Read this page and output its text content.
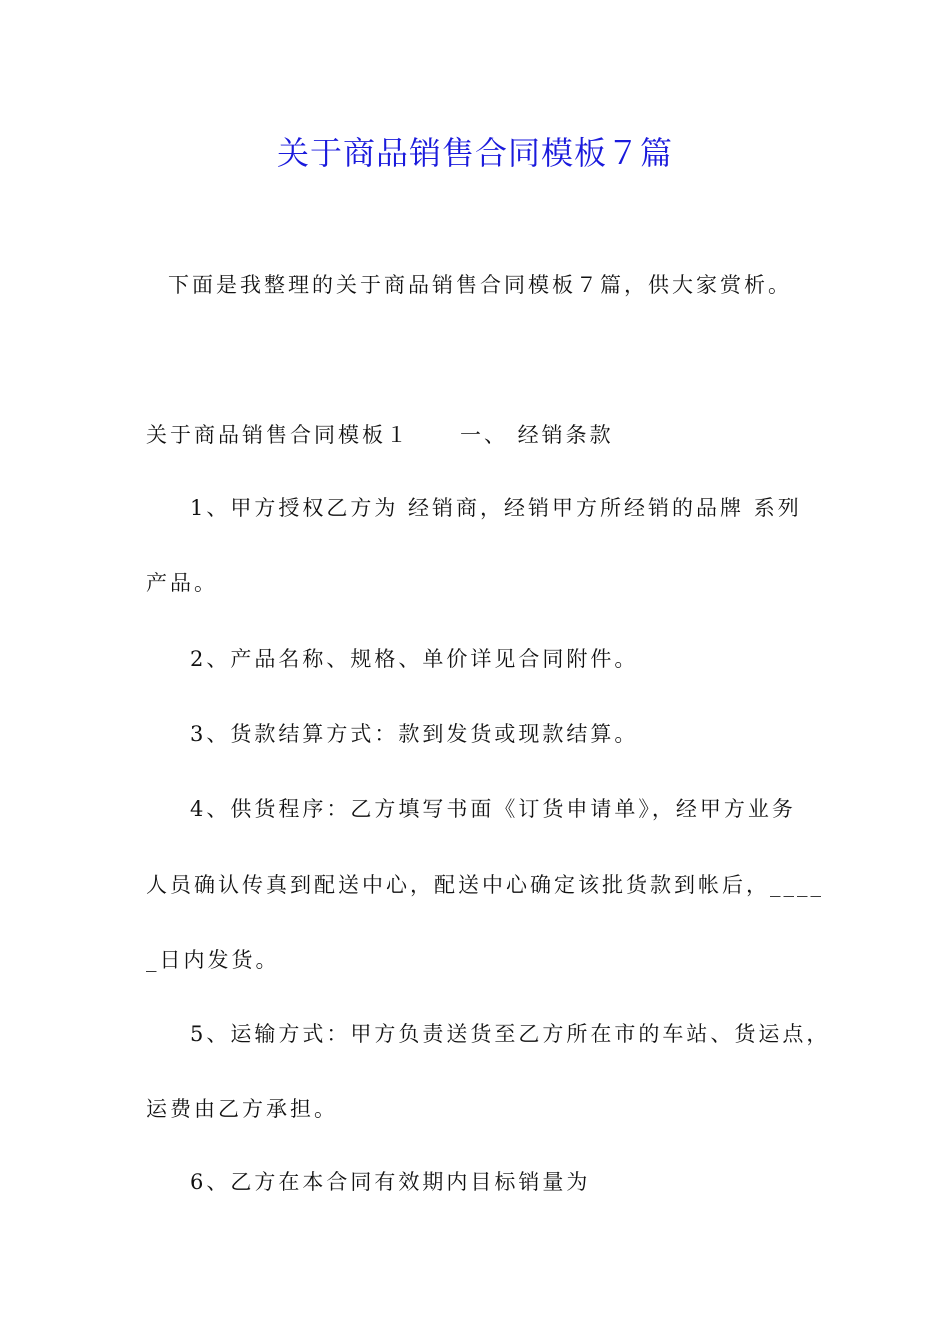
关于商品销售合同模板７篇
下面是我整理的关于商品销售合同模板７篇，供大家赏析。
关于商品销售合同模板１ 一、 经销条款
1、甲方授权乙方为 经销商，经销甲方所经销的品牌 系列
产品。
2、产品名称、规格、单价详见合同附件。
3、货款结算方式：款到发货或现款结算。
4、供货程序：乙方填写书面《订货申请单》，经甲方业务
人员确认传真到配送中心，配送中心确定该批货款到帐后，____
_日内发货。
5、运输方式：甲方负责送货至乙方所在市的车站、货运点，
运费由乙方承担。
6、乙方在本合同有效期内目标销量为
